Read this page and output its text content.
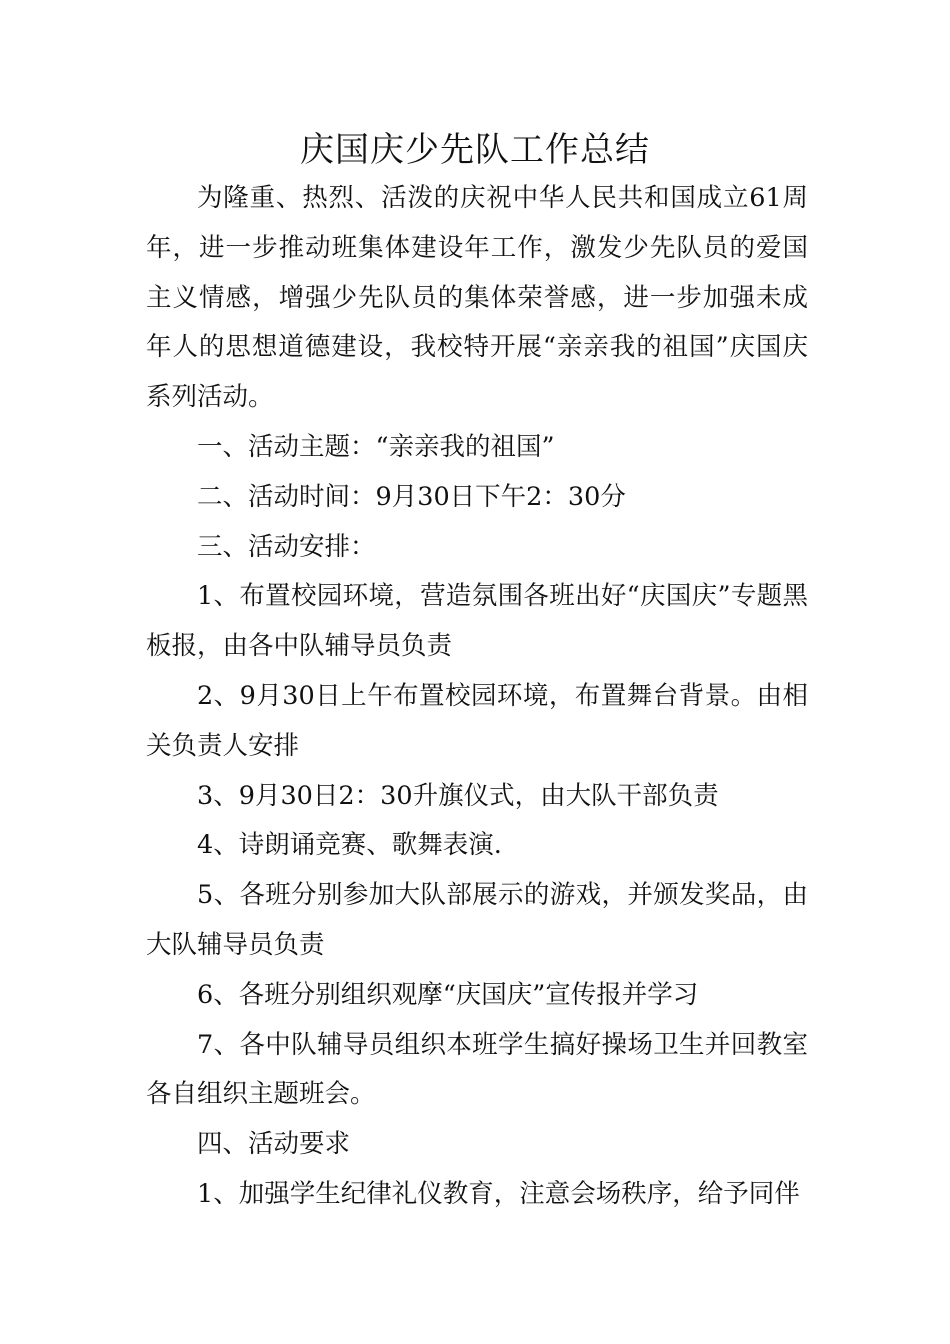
庆国庆少先队工作总结

为隆重、热烈、活泼的庆祝中华人民共和国成立61周年，进一步推动班集体建设年工作，激发少先队员的爱国主义情感，增强少先队员的集体荣誉感，进一步加强未成年人的思想道德建设，我校特开展“亲亲我的祖国”庆国庆系列活动。

一、活动主题：“亲亲我的祖国”

二、活动时间：9月30日下午2：30分

三、活动安排：

1、布置校园环境，营造氛围各班出好“庆国庆”专题黑板报，由各中队辅导员负责

2、9月30日上午布置校园环境，布置舞台背景。由相关负责人安排

3、9月30日2：30升旗仪式，由大队干部负责

4、诗朗诵竞赛、歌舞表演.

5、各班分别参加大队部展示的游戏，并颁发奖品，由大队辅导员负责

6、各班分别组织观摩“庆国庆”宣传报并学习

7、各中队辅导员组织本班学生搞好操场卫生并回教室各自组织主题班会。

四、活动要求

1、加强学生纪律礼仪教育，注意会场秩序，给予同伴
